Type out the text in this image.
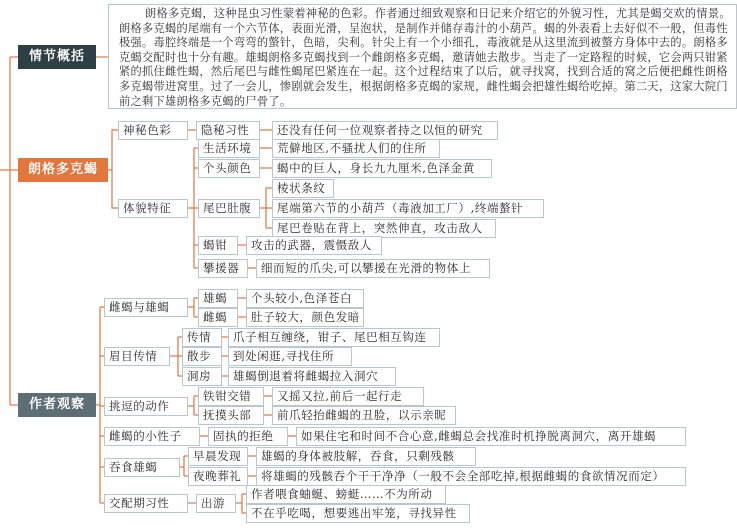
情节概括
朗格多克蝎
作者观察
朗格多克蝎，这种昆虫习性蒙着神秘的色彩。作者通过细致观察和日记来介绍它的外貌习性，尤其是蝎交欢的情景。朗格多克蝎的尾端有一个六节体，表面光滑，呈泡状，是制作并储存毒汁的小葫芦。蝎的外表看上去好似不一般，但毒性极强。毒腔终端是一个弯弯的螫针，色暗，尖利。针尖上有一个小细孔，毒液就是从这里流到被螫方身体中去的。朗格多克蝎交配时也十分有趣。雄蝎朗格多克蝎找到一个雌朗格多克蝎，邀请她去散步。当走了一定路程的时候，它会两只钳紧紧的抓住雌性蝎，然后尾巴与雌性蝎尾巴紧连在一起。这个过程结束了以后，就寻找窝，找到合适的窝之后便把雌性朗格多克蝎带进窝里。过了一会儿，惨剧就会发生，根据朗格多克蝎的家规，雌性蝎会把雄性蝎给吃掉。第二天，这家大院门前之剩下雄朗格多克蝎的尸骨了。
神秘色彩	隐秘习性	还没有任何一位观察者持之以恒的研究
体貌特征
生活环境	荒僻地区,不骚扰人们的住所
个头颜色	蝎中的巨人，身长九九厘米,色泽金黄
尾巴肚腹
棱状条纹
尾端第六节的小葫芦（毒液加工厂）,终端螯针
尾巴卷贴在背上，突然伸直，攻击敌人
蝎钳	攻击的武器，震慑敌人
攀援器	细而短的爪尖,可以攀援在光滑的物体上
雌蝎与雄蝎
雄蝎	个头较小,色泽苍白
雌蝎	肚子较大，颜色发暗
眉目传情
传情	爪子相互缠绕，钳子、尾巴相互钩连
散步	到处闲逛,寻找住所
洞房	雄蝎倒退着将雌蝎拉入洞穴
挑逗的动作
铁钳交错	又摇又拉,前后一起行走
抚摸头部	前爪轻抬雌蝎的丑脸，以示亲昵
雌蝎的小性子	固执的拒绝	如果住宅和时间不合心意,雌蝎总会找准时机挣脱离洞穴，离开雄蝎
吞食雄蝎
早晨发现	雄蝎的身体被肢解，吞食，只剩残骸
夜晚葬礼	将雄蝎的残骸吞个干干净净（一般不会全部吃掉,根据雌蝎的食欲情况而定）
交配期习性	出游
作者喂食蚰蜒、螃蜓……不为所动
不在乎吃喝，想要逃出牢笼，寻找异性
